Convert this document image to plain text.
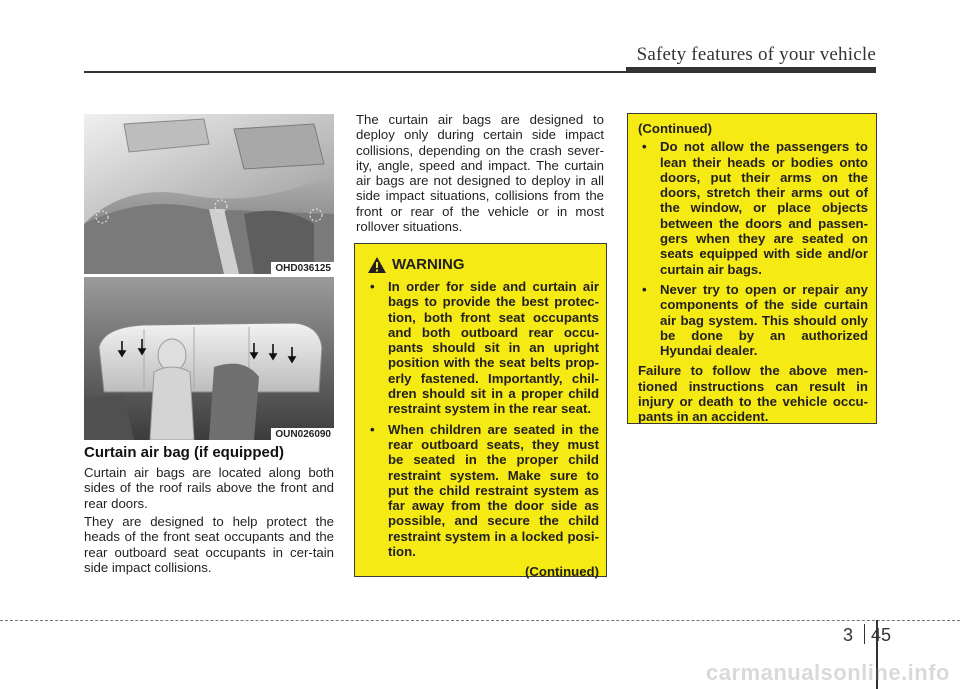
Safety features of your vehicle
OHD036125
OUN026090
Curtain air bag (if equipped)

Curtain air bags are located along both sides of the roof rails above the front and rear doors.

They are designed to help protect the heads of the front seat occupants and the rear outboard seat occupants in cer-tain side impact collisions.

The curtain air bags are designed to deploy only during certain side impact collisions, depending on the crash sever-ity, angle, speed and impact. The curtain air bags are not designed to deploy in all side impact situations, collisions from the front or rear of the vehicle or in most rollover situations.

WARNING
• In order for side and curtain air bags to provide the best protec-tion, both front seat occupants and both outboard rear occu-pants should sit in an upright position with the seat belts prop-erly fastened. Importantly, chil-dren should sit in a proper child restraint system in the rear seat.
• When children are seated in the rear outboard seats, they must be seated in the proper child restraint system. Make sure to put the child restraint system as far away from the door side as possible, and secure the child restraint system in a locked posi-tion.

(Continued)

(Continued)

• Do not allow the passengers to lean their heads or bodies onto doors, put their arms on the doors, stretch their arms out of the window, or place objects between the doors and passen-gers when they are seated on seats equipped with side and/or curtain air bags.
• Never try to open or repair any components of the side curtain air bag system. This should only be done by an authorized Hyundai dealer.

Failure to follow the above men-tioned instructions can result in injury or death to the vehicle occu-pants in an accident.

3 45
carmanualsonline.info
